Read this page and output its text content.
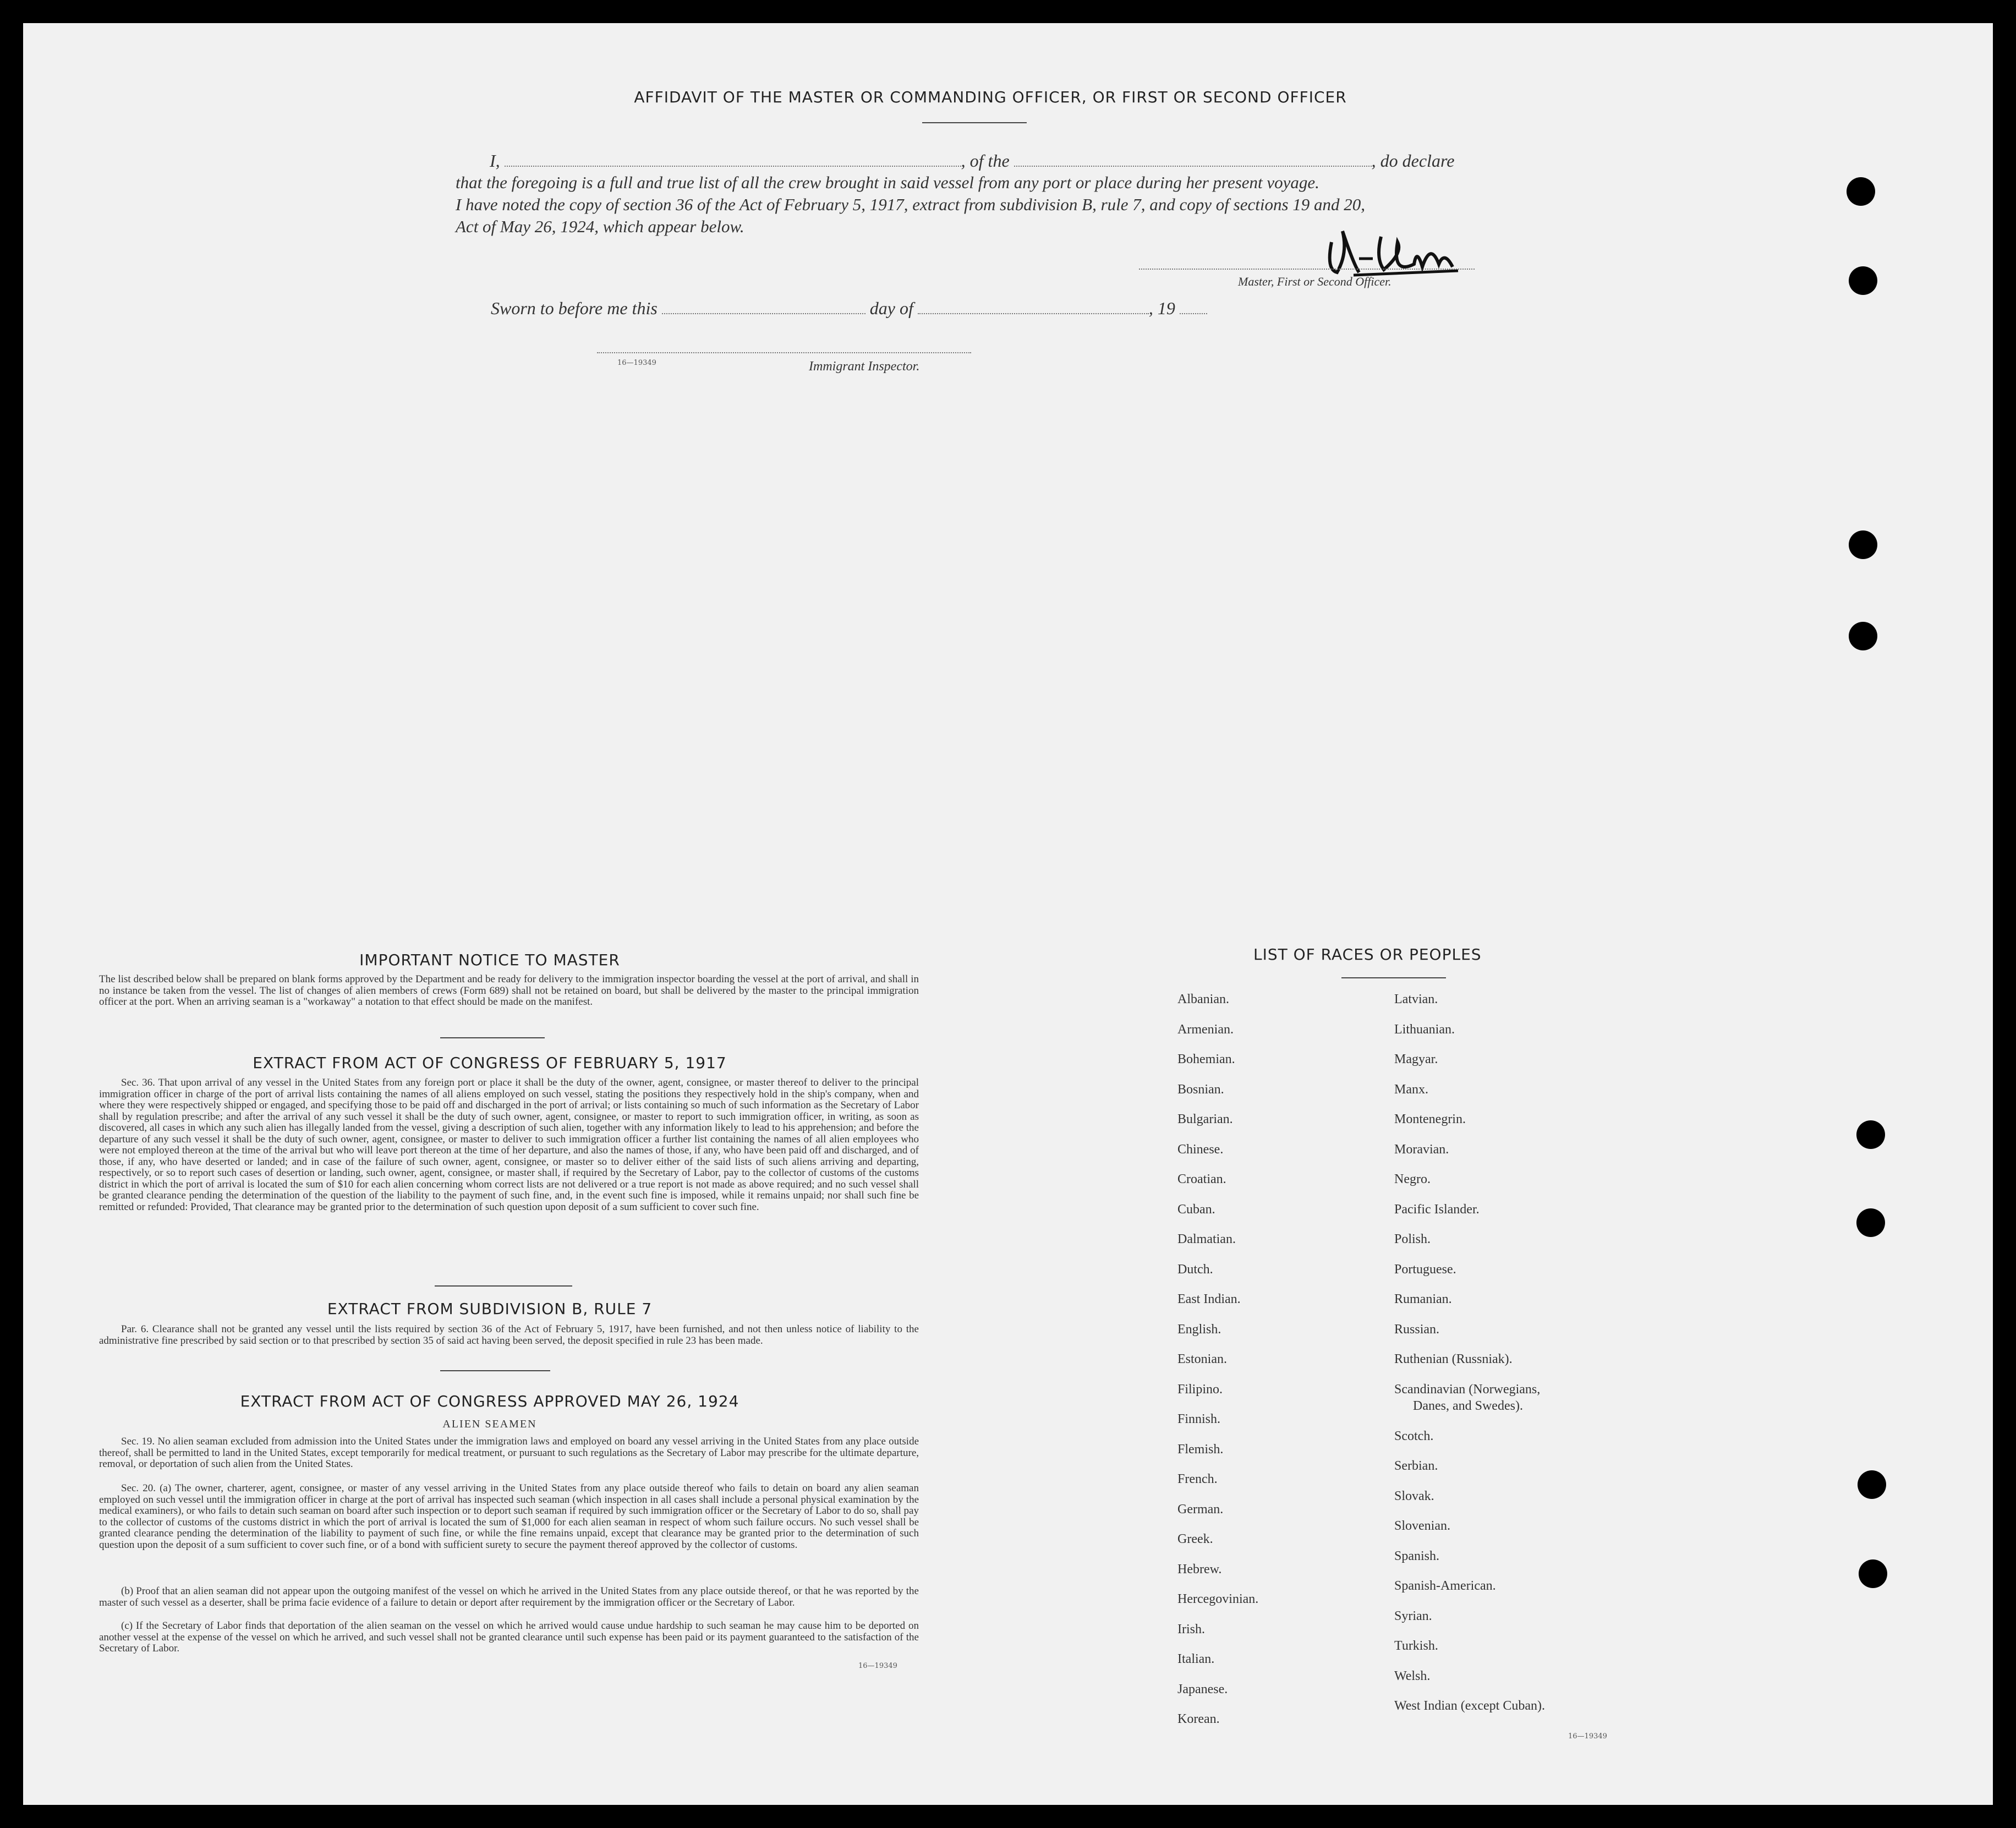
AFFIDAVIT OF THE MASTER OR COMMANDING OFFICER, OR FIRST OR SECOND OFFICER
I,	, of the	, do declare
that the foregoing is a full and true list of all the crew brought in said vessel from any port or place during her present voyage.
I have noted the copy of section 36 of the Act of February 5, 1917, extract from subdivision B, rule 7, and copy of sections 19 and 20,
Act of May 26, 1924, which appear below.
Master, First or Second Officer.
Sworn to before me this	day of	, 19
16—19349	Immigrant Inspector.
IMPORTANT NOTICE TO MASTER
The list described below shall be prepared on blank forms approved by the Department and be ready for delivery to the immigration inspector boarding the vessel at the port of arrival, and shall in no instance be taken from the vessel. The list of changes of alien members of crews (Form 689) shall not be retained on board, but shall be delivered by the master to the principal immigration officer at the port. When an arriving seaman is a "workaway" a notation to that effect should be made on the manifest.
EXTRACT FROM ACT OF CONGRESS OF FEBRUARY 5, 1917
Sec. 36. That upon arrival of any vessel in the United States from any foreign port or place it shall be the duty of the owner, agent, consignee, or master thereof to deliver to the principal immigration officer in charge of the port of arrival lists containing the names of all aliens employed on such vessel, stating the positions they respectively hold in the ship's company, when and where they were respectively shipped or engaged, and specifying those to be paid off and discharged in the port of arrival; or lists containing so much of such information as the Secretary of Labor shall by regulation prescribe; and after the arrival of any such vessel it shall be the duty of such owner, agent, consignee, or master to report to such immigration officer, in writing, as soon as discovered, all cases in which any such alien has illegally landed from the vessel, giving a description of such alien, together with any information likely to lead to his apprehension; and before the departure of any such vessel it shall be the duty of such owner, agent, consignee, or master to deliver to such immigration officer a further list containing the names of all alien employees who were not employed thereon at the time of the arrival but who will leave port thereon at the time of her departure, and also the names of those, if any, who have been paid off and discharged, and of those, if any, who have deserted or landed; and in case of the failure of such owner, agent, consignee, or master so to deliver either of the said lists of such aliens arriving and departing, respectively, or so to report such cases of desertion or landing, such owner, agent, consignee, or master shall, if required by the Secretary of Labor, pay to the collector of customs of the customs district in which the port of arrival is located the sum of $10 for each alien concerning whom correct lists are not delivered or a true report is not made as above required; and no such vessel shall be granted clearance pending the determination of the question of the liability to the payment of such fine, and, in the event such fine is imposed, while it remains unpaid; nor shall such fine be remitted or refunded: Provided, That clearance may be granted prior to the determination of such question upon deposit of a sum sufficient to cover such fine.
EXTRACT FROM SUBDIVISION B, RULE 7
Par. 6. Clearance shall not be granted any vessel until the lists required by section 36 of the Act of February 5, 1917, have been furnished, and not then unless notice of liability to the administrative fine prescribed by said section or to that prescribed by section 35 of said act having been served, the deposit specified in rule 23 has been made.
EXTRACT FROM ACT OF CONGRESS APPROVED MAY 26, 1924
ALIEN SEAMEN
Sec. 19. No alien seaman excluded from admission into the United States under the immigration laws and employed on board any vessel arriving in the United States from any place outside thereof, shall be permitted to land in the United States, except temporarily for medical treatment, or pursuant to such regulations as the Secretary of Labor may prescribe for the ultimate departure, removal, or deportation of such alien from the United States.
Sec. 20. (a) The owner, charterer, agent, consignee, or master of any vessel arriving in the United States from any place outside thereof who fails to detain on board any alien seaman employed on such vessel until the immigration officer in charge at the port of arrival has inspected such seaman (which inspection in all cases shall include a personal physical examination by the medical examiners), or who fails to detain such seaman on board after such inspection or to deport such seaman if required by such immigration officer or the Secretary of Labor to do so, shall pay to the collector of customs of the customs district in which the port of arrival is located the sum of $1,000 for each alien seaman in respect of whom such failure occurs. No such vessel shall be granted clearance pending the determination of the liability to payment of such fine, or while the fine remains unpaid, except that clearance may be granted prior to the determination of such question upon the deposit of a sum sufficient to cover such fine, or of a bond with sufficient surety to secure the payment thereof approved by the collector of customs.
(b) Proof that an alien seaman did not appear upon the outgoing manifest of the vessel on which he arrived in the United States from any place outside thereof, or that he was reported by the master of such vessel as a deserter, shall be prima facie evidence of a failure to detain or deport after requirement by the immigration officer or the Secretary of Labor.
(c) If the Secretary of Labor finds that deportation of the alien seaman on the vessel on which he arrived would cause undue hardship to such seaman he may cause him to be deported on another vessel at the expense of the vessel on which he arrived, and such vessel shall not be granted clearance until such expense has been paid or its payment guaranteed to the satisfaction of the Secretary of Labor.
16—19349
LIST OF RACES OR PEOPLES
Albanian.
Armenian.
Bohemian.
Bosnian.
Bulgarian.
Chinese.
Croatian.
Cuban.
Dalmatian.
Dutch.
East Indian.
English.
Estonian.
Filipino.
Finnish.
Flemish.
French.
German.
Greek.
Hebrew.
Hercegovinian.
Irish.
Italian.
Japanese.
Korean.
Latvian.
Lithuanian.
Magyar.
Manx.
Montenegrin.
Moravian.
Negro.
Pacific Islander.
Polish.
Portuguese.
Rumanian.
Russian.
Ruthenian (Russniak).
Scandinavian (Norwegians,
Danes, and Swedes).
Scotch.
Serbian.
Slovak.
Slovenian.
Spanish.
Spanish-American.
Syrian.
Turkish.
Welsh.
West Indian (except Cuban).
16—19349
